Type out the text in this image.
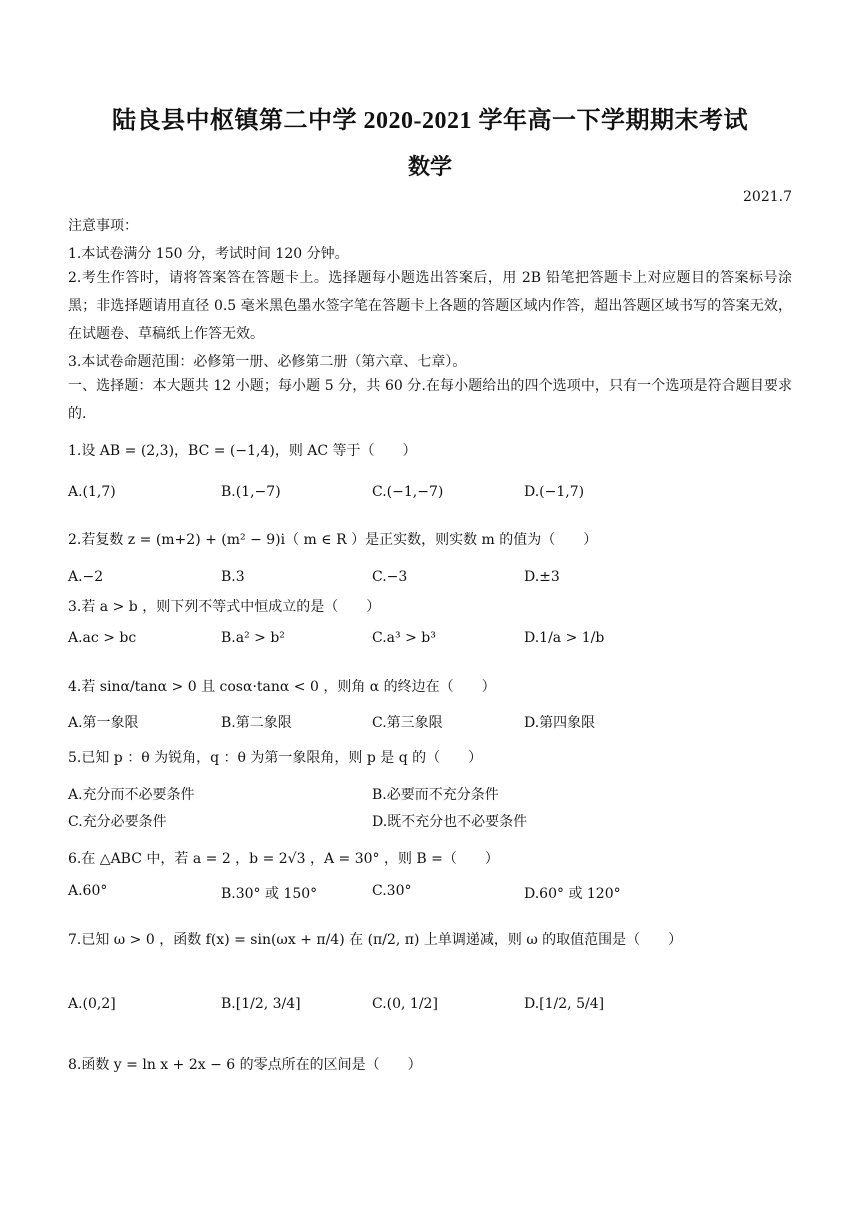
陆良县中枢镇第二中学 2020-2021 学年高一下学期期末考试
数学
2021.7
注意事项：
1.本试卷满分 150 分，考试时间 120 分钟。
2.考生作答时，请将答案答在答题卡上。选择题每小题选出答案后，用 2B 铅笔把答题卡上对应题目的答案标号涂黑；非选择题请用直径 0.5 毫米黑色墨水签字笔在答题卡上各题的答题区域内作答，超出答题区域书写的答案无效，在试题卷、草稿纸上作答无效。
3.本试卷命题范围：必修第一册、必修第二册（第六章、七章）。
一、选择题：本大题共 12 小题；每小题 5 分，共 60 分.在每小题给出的四个选项中，只有一个选项是符合题目要求的.
1.设 AB = (2,3)，BC = (−1,4)，则 AC 等于（　　）
A.(1,7)	B.(1,−7)	C.(−1,−7)	D.(−1,7)
2.若复数 z = (m+2) + (m² − 9)i（ m ∈ R ）是正实数，则实数 m 的值为（　　）
A.−2	B.3	C.−3	D.±3
3.若 a > b ，则下列不等式中恒成立的是（　　）
A.ac > bc	B.a² > b²	C.a³ > b³	D.1/a > 1/b
4.若 sinα/tanα > 0 且 cosα·tanα < 0 ，则角 α 的终边在（　　）
A.第一象限	B.第二象限	C.第三象限	D.第四象限
5.已知 p ：θ 为锐角，q ：θ 为第一象限角，则 p 是 q 的（　　）
A.充分而不必要条件	B.必要而不充分条件
C.充分必要条件	D.既不充分也不必要条件
6.在 △ABC 中，若 a = 2 ，b = 2√3 ，A = 30° ，则 B =（　　）
A.60°	B.30° 或 150°	C.30°	D.60° 或 120°
7.已知 ω > 0 ，函数 f(x) = sin(ωx + π/4) 在 (π/2, π) 上单调递减，则 ω 的取值范围是（　　）
A.(0,2]	B.[1/2, 3/4]	C.(0, 1/2]	D.[1/2, 5/4]
8.函数 y = ln x + 2x − 6 的零点所在的区间是（　　）
